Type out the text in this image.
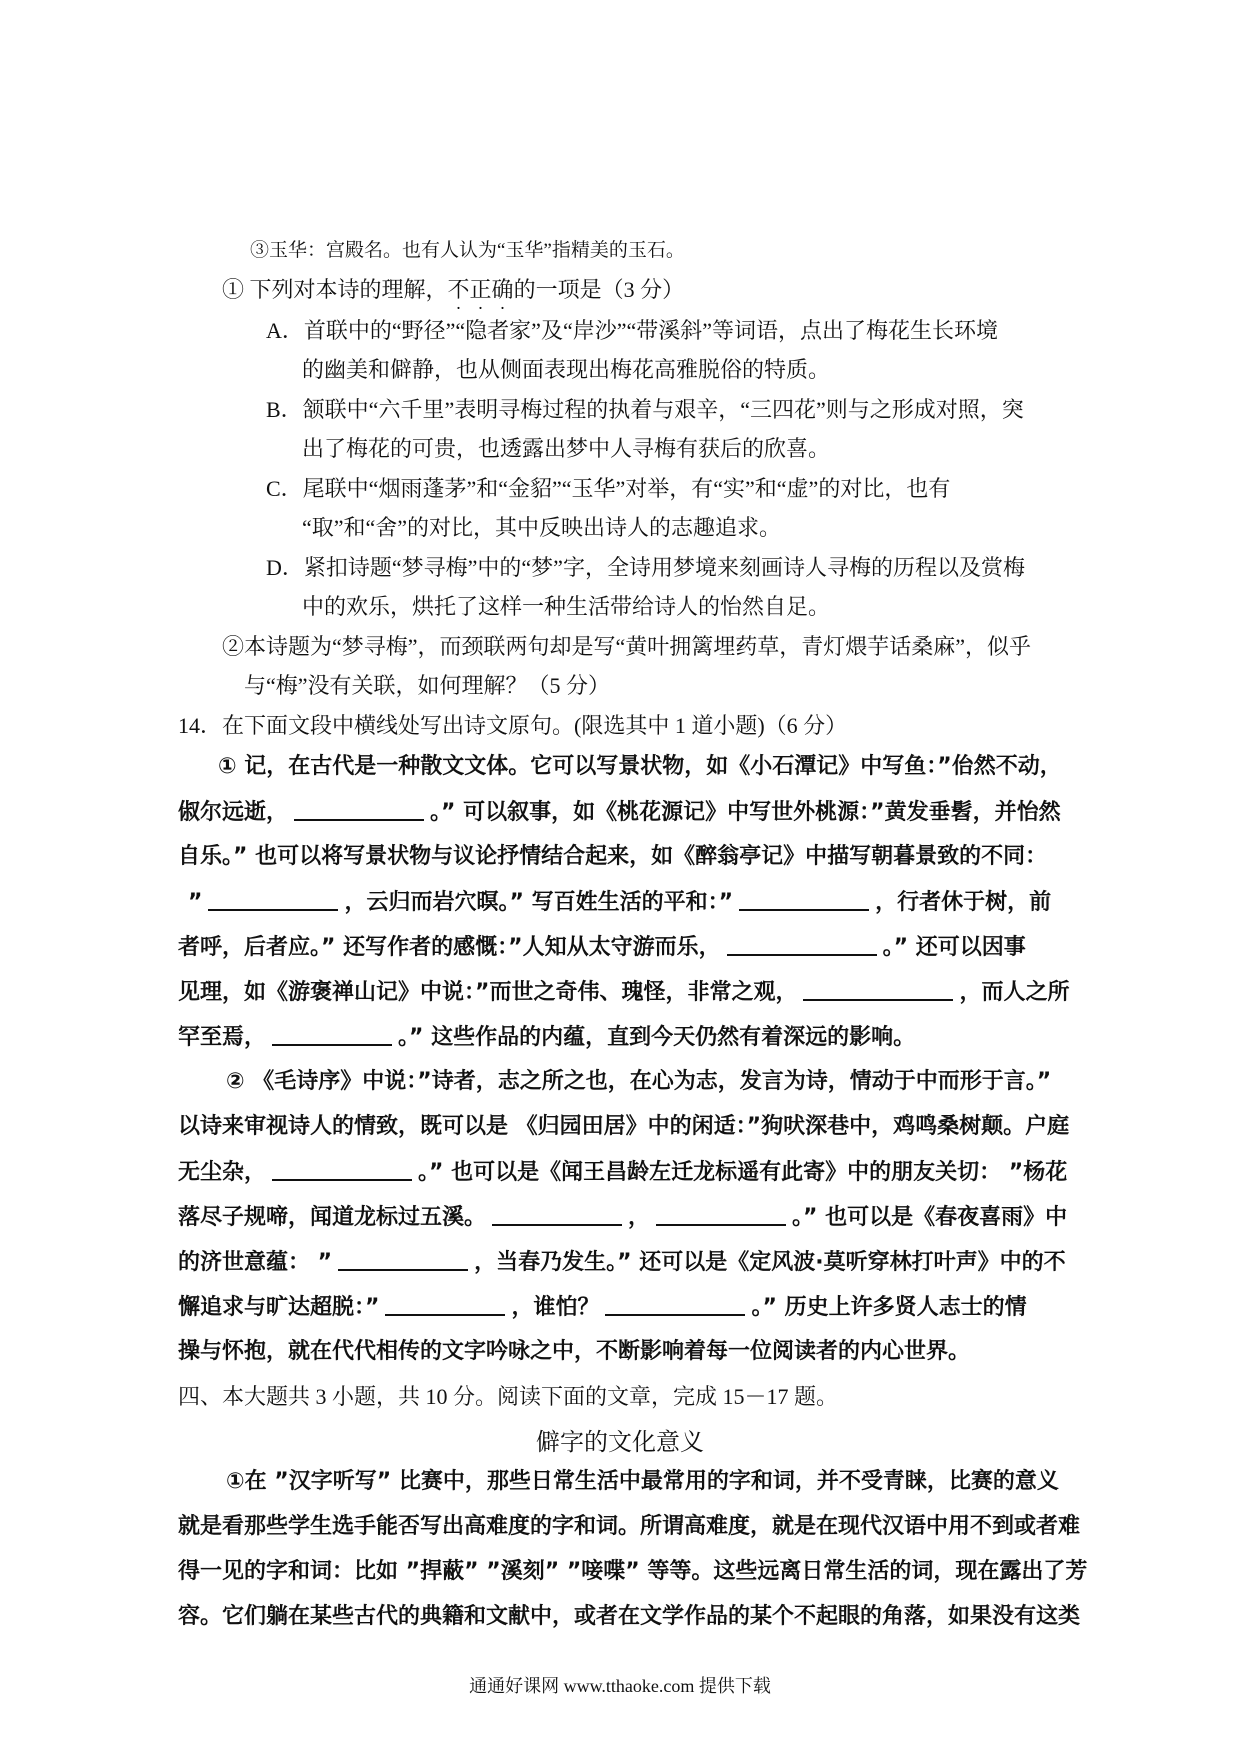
③玉华：宫殿名。也有人认为“玉华”指精美的玉石。
① 下列对本诗的理解，不正确的一项是（3 分）
A．首联中的“野径”“隐者家”及“岸沙”“带溪斜”等词语，点出了梅花生长环境
的幽美和僻静，也从侧面表现出梅花高雅脱俗的特质。
B．颔联中“六千里”表明寻梅过程的执着与艰辛，“三四花”则与之形成对照，突
出了梅花的可贵，也透露出梦中人寻梅有获后的欣喜。
C．尾联中“烟雨蓬茅”和“金貂”“玉华”对举，有“实”和“虚”的对比，也有
“取”和“舍”的对比，其中反映出诗人的志趣追求。
D．紧扣诗题“梦寻梅”中的“梦”字，全诗用梦境来刻画诗人寻梅的历程以及赏梅
中的欢乐，烘托了这样一种生活带给诗人的怡然自足。
②本诗题为“梦寻梅”，而颈联两句却是写“黄叶拥篱埋药草，青灯煨芋话桑麻”，似乎
与“梅”没有关联，如何理解？（5 分）
14．在下面文段中横线处写出诗文原句。(限选其中 1 道小题)（6 分）
① 记，在古代是一种散文文体。它可以写景状物，如《小石潭记》中写鱼：”佁然不动，
俶尔远逝，	。” 可以叙事，如《桃花源记》中写世外桃源：”黄发垂髫，并怡然
自乐。” 也可以将写景状物与议论抒情结合起来，如《醉翁亭记》中描写朝暮景致的不同：
”	，云归而岩穴暝。” 写百姓生活的平和：”	，行者休于树，前
者呼，后者应。” 还写作者的感慨：”人知从太守游而乐，	。” 还可以因事
见理，如《游褒禅山记》中说：”而世之奇伟、瑰怪，非常之观，	，而人之所
罕至焉，	。” 这些作品的内蕴，直到今天仍然有着深远的影响。
② 《毛诗序》中说：”诗者，志之所之也，在心为志，发言为诗，情动于中而形于言。”
以诗来审视诗人的情致，既可以是 《归园田居》中的闲适：”狗吠深巷中，鸡鸣桑树颠。户庭
无尘杂，	。” 也可以是《闻王昌龄左迁龙标遥有此寄》中的朋友关切： ”杨花
落尽子规啼，闻道龙标过五溪。	，	。” 也可以是《春夜喜雨》中
的济世意蕴： ”	，当春乃发生。” 还可以是《定风波·莫听穿林打叶声》中的不
懈追求与旷达超脱：”	，谁怕？	。” 历史上许多贤人志士的情
操与怀抱，就在代代相传的文字吟咏之中，不断影响着每一位阅读者的内心世界。
四、本大题共 3 小题，共 10 分。阅读下面的文章，完成 15－17 题。
僻字的文化意义
①在 ”汉字听写” 比赛中，那些日常生活中最常用的字和词，并不受青睐，比赛的意义
就是看那些学生选手能否写出高难度的字和词。所谓高难度，就是在现代汉语中用不到或者难
得一见的字和词：比如 ”捍蔽” ”溪刻” ”唼喋” 等等。这些远离日常生活的词，现在露出了芳
容。它们躺在某些古代的典籍和文献中，或者在文学作品的某个不起眼的角落，如果没有这类
通通好课网 www.tthaoke.com 提供下载
